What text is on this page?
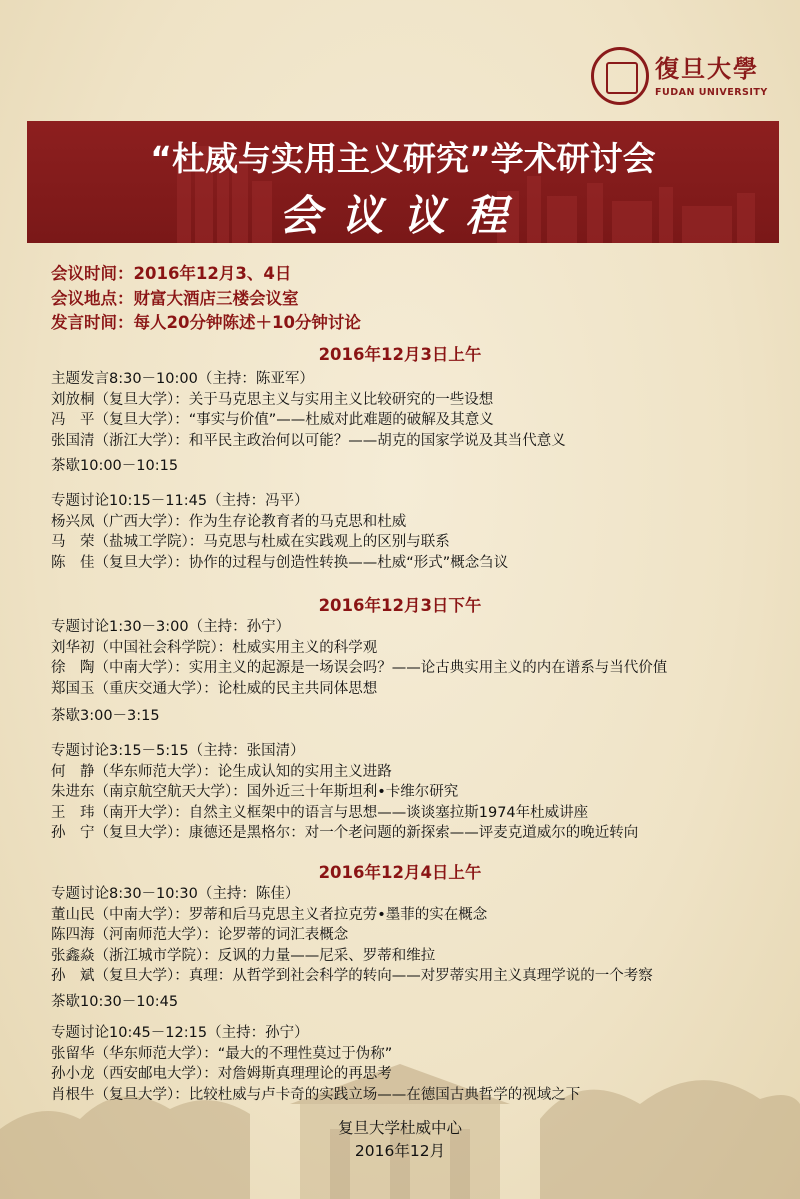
復旦大學
FUDAN UNIVERSITY
“杜威与实用主义研究”学术研讨会
会议议程
会议时间：2016年12月3、4日
会议地点：财富大酒店三楼会议室
发言时间：每人20分钟陈述＋10分钟讨论
2016年12月3日上午
主题发言8:30－10:00（主持：陈亚军）
刘放桐（复旦大学）：关于马克思主义与实用主义比较研究的一些设想
冯　平（复旦大学）：“事实与价值”——杜威对此难题的破解及其意义
张国清（浙江大学）：和平民主政治何以可能？——胡克的国家学说及其当代意义
茶歇10:00－10:15
专题讨论10:15－11:45（主持：冯平）
杨兴凤（广西大学）：作为生存论教育者的马克思和杜威
马　荣（盐城工学院）：马克思与杜威在实践观上的区别与联系
陈　佳（复旦大学）：协作的过程与创造性转换——杜威“形式”概念刍议
2016年12月3日下午
专题讨论1:30－3:00（主持：孙宁）
刘华初（中国社会科学院）：杜威实用主义的科学观
徐　陶（中南大学）：实用主义的起源是一场误会吗？——论古典实用主义的内在谱系与当代价值
郑国玉（重庆交通大学）：论杜威的民主共同体思想
茶歇3:00－3:15
专题讨论3:15－5:15（主持：张国清）
何　静（华东师范大学）：论生成认知的实用主义进路
朱进东（南京航空航天大学）：国外近三十年斯坦利•卡维尔研究
王　玮（南开大学）：自然主义框架中的语言与思想——谈谈塞拉斯1974年杜威讲座
孙　宁（复旦大学）：康德还是黑格尔：对一个老问题的新探索——评麦克道威尔的晚近转向
2016年12月4日上午
专题讨论8:30－10:30（主持：陈佳）
董山民（中南大学）：罗蒂和后马克思主义者拉克劳•墨菲的实在概念
陈四海（河南师范大学）：论罗蒂的词汇表概念
张鑫焱（浙江城市学院）：反讽的力量——尼采、罗蒂和维拉
孙　斌（复旦大学）：真理：从哲学到社会科学的转向——对罗蒂实用主义真理学说的一个考察
茶歇10:30－10:45
专题讨论10:45－12:15（主持：孙宁）
张留华（华东师范大学）：“最大的不理性莫过于伪称”
孙小龙（西安邮电大学）：对詹姆斯真理理论的再思考
肖根牛（复旦大学）：比较杜威与卢卡奇的实践立场——在德国古典哲学的视域之下
复旦大学杜威中心
2016年12月
